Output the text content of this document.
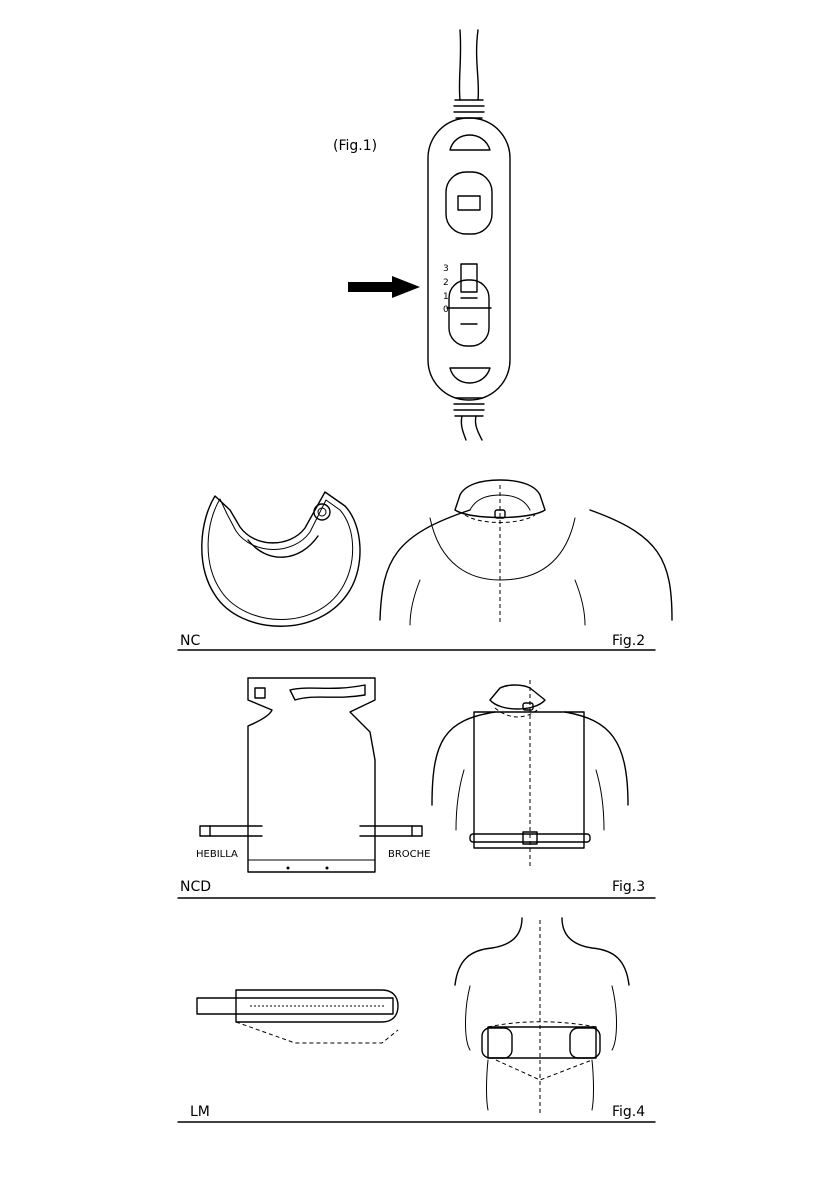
3
2
1
0
(Fig.1)
NC	Fig.2
HEBILLA	BROCHE
NCD	Fig.3
LM	Fig.4
